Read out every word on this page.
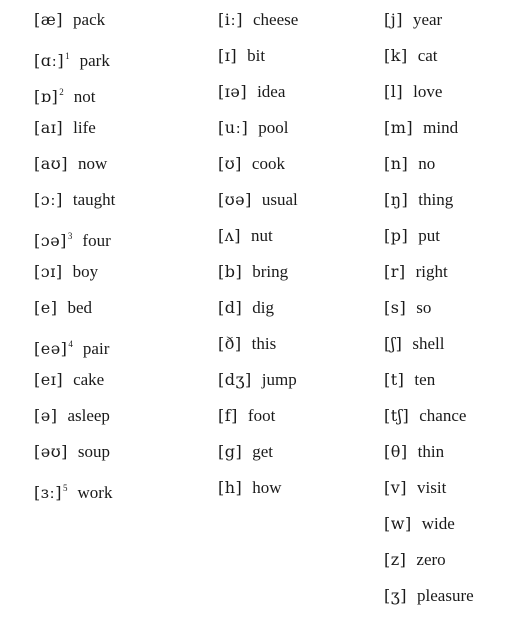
[æ] pack
[ɑː]$^1$ park
[ɒ]$^2$ not
[aɪ] life
[aʊ] now
[ɔː] taught
[ɔə]$^3$ four
[ɔɪ] boy
[e] bed
[eə]$^4$ pair
[eɪ] cake
[ə] asleep
[əʊ] soup
[ɜː]$^5$ work
[iː] cheese
[ɪ] bit
[ɪə] idea
[uː] pool
[ʊ] cook
[ʊə] usual
[ʌ] nut
[b] bring
[d] dig
[ð] this
[dʒ] jump
[f] foot
[g] get
[h] how
[j] year
[k] cat
[l] love
[m] mind
[n] no
[ŋ] thing
[p] put
[r] right
[s] so
[ʃ] shell
[t] ten
[tʃ] chance
[θ] thin
[v] visit
[w] wide
[z] zero
[ʒ] pleasure
